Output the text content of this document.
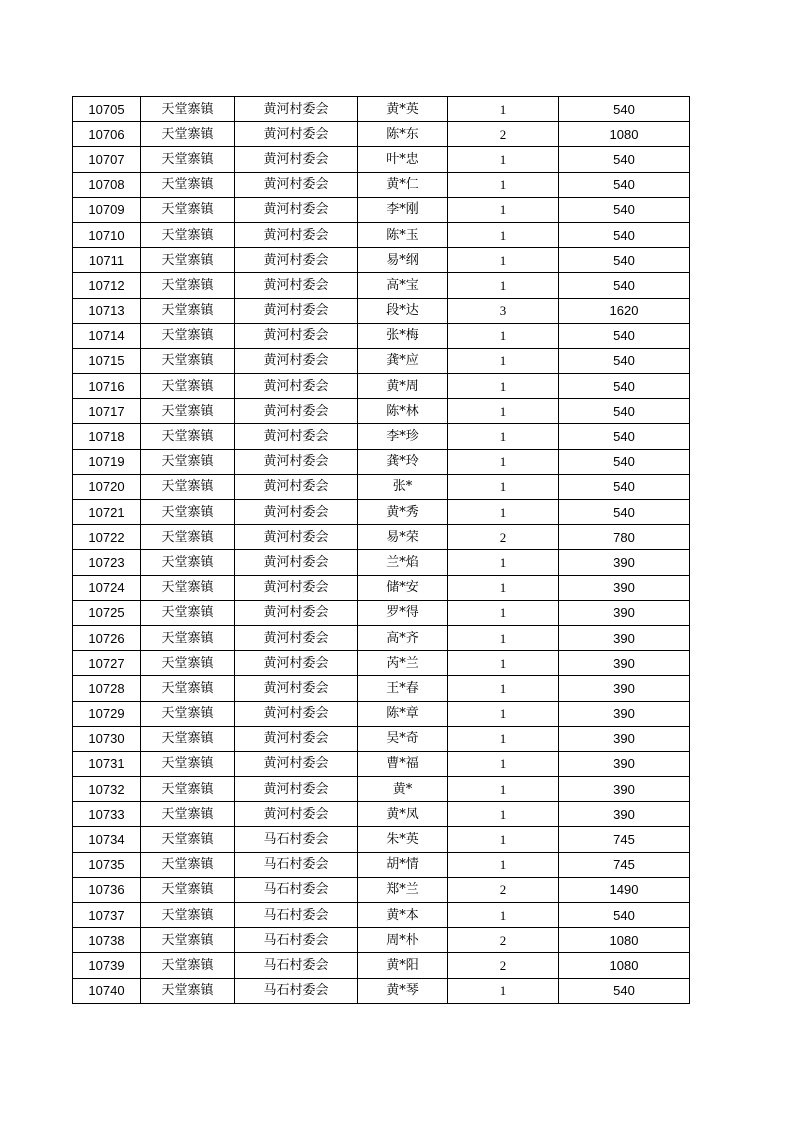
10705	天堂寨镇	黄河村委会	黄*英	1	540
10706	天堂寨镇	黄河村委会	陈*东	2	1080
10707	天堂寨镇	黄河村委会	叶*忠	1	540
10708	天堂寨镇	黄河村委会	黄*仁	1	540
10709	天堂寨镇	黄河村委会	李*刚	1	540
10710	天堂寨镇	黄河村委会	陈*玉	1	540
10711	天堂寨镇	黄河村委会	易*纲	1	540
10712	天堂寨镇	黄河村委会	高*宝	1	540
10713	天堂寨镇	黄河村委会	段*达	3	1620
10714	天堂寨镇	黄河村委会	张*梅	1	540
10715	天堂寨镇	黄河村委会	龚*应	1	540
10716	天堂寨镇	黄河村委会	黄*周	1	540
10717	天堂寨镇	黄河村委会	陈*林	1	540
10718	天堂寨镇	黄河村委会	李*珍	1	540
10719	天堂寨镇	黄河村委会	龚*玲	1	540
10720	天堂寨镇	黄河村委会	张*	1	540
10721	天堂寨镇	黄河村委会	黄*秀	1	540
10722	天堂寨镇	黄河村委会	易*荣	2	780
10723	天堂寨镇	黄河村委会	兰*焰	1	390
10724	天堂寨镇	黄河村委会	储*安	1	390
10725	天堂寨镇	黄河村委会	罗*得	1	390
10726	天堂寨镇	黄河村委会	高*齐	1	390
10727	天堂寨镇	黄河村委会	芮*兰	1	390
10728	天堂寨镇	黄河村委会	王*春	1	390
10729	天堂寨镇	黄河村委会	陈*章	1	390
10730	天堂寨镇	黄河村委会	吴*奇	1	390
10731	天堂寨镇	黄河村委会	曹*福	1	390
10732	天堂寨镇	黄河村委会	黄*	1	390
10733	天堂寨镇	黄河村委会	黄*凤	1	390
10734	天堂寨镇	马石村委会	朱*英	1	745
10735	天堂寨镇	马石村委会	胡*情	1	745
10736	天堂寨镇	马石村委会	郑*兰	2	1490
10737	天堂寨镇	马石村委会	黄*本	1	540
10738	天堂寨镇	马石村委会	周*朴	2	1080
10739	天堂寨镇	马石村委会	黄*阳	2	1080
10740	天堂寨镇	马石村委会	黄*琴	1	540
